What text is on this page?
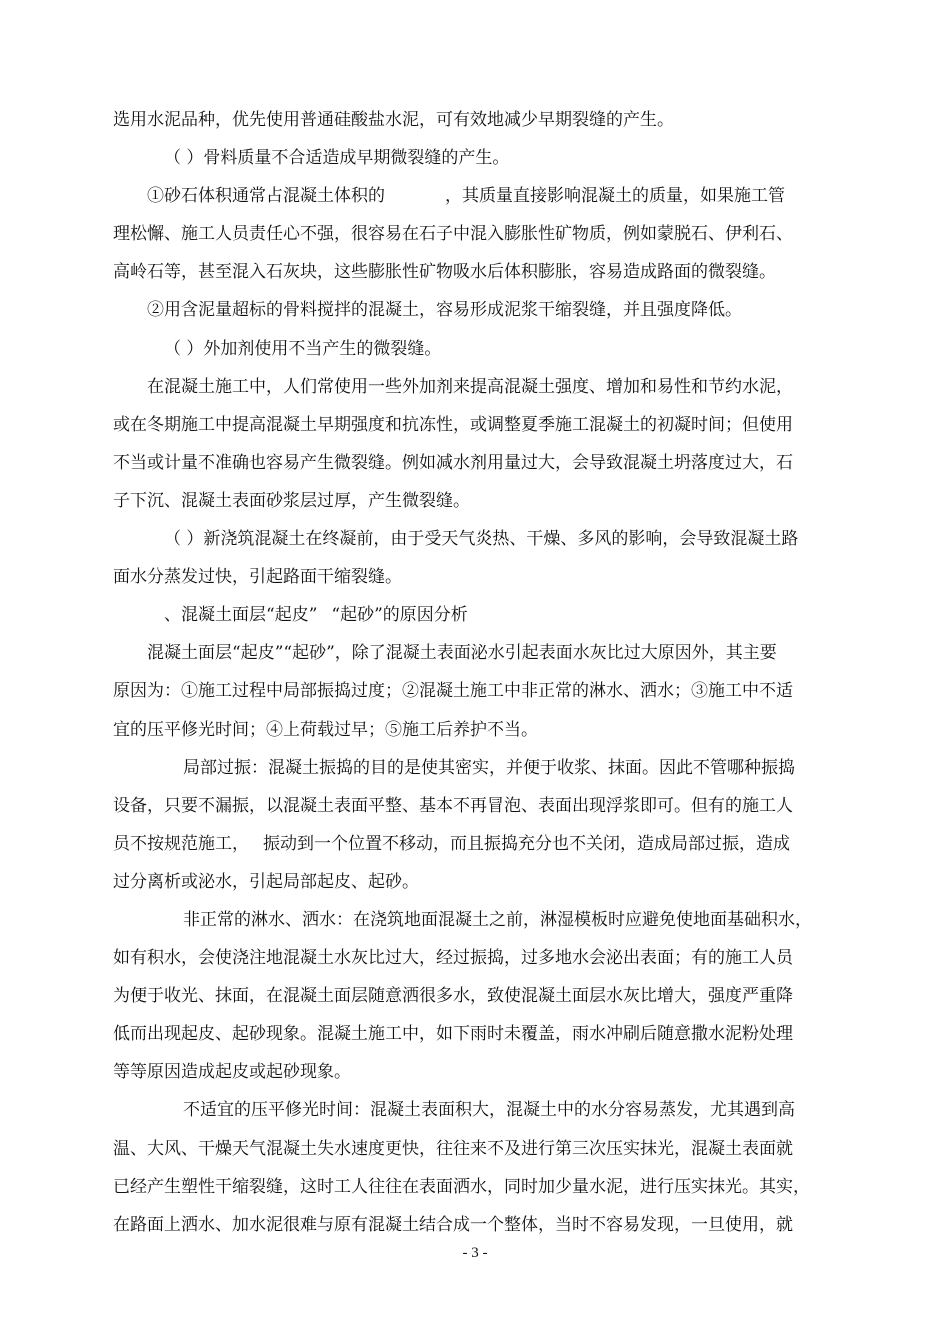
选用水泥品种，优先使用普通硅酸盐水泥，可有效地减少早期裂缝的产生。
（ ）骨料质量不合适造成早期微裂缝的产生。
①砂石体积通常占混凝土体积的	，其质量直接影响混凝土的质量，如果施工管
理松懈、施工人员责任心不强，很容易在石子中混入膨胀性矿物质，例如蒙脱石、伊利石、
高岭石等，甚至混入石灰块，这些膨胀性矿物吸水后体积膨胀，容易造成路面的微裂缝。
②用含泥量超标的骨料搅拌的混凝土，容易形成泥浆干缩裂缝，并且强度降低。
（ ）外加剂使用不当产生的微裂缝。
在混凝土施工中，人们常使用一些外加剂来提高混凝土强度、增加和易性和节约水泥，
或在冬期施工中提高混凝土早期强度和抗冻性，或调整夏季施工混凝土的初凝时间；但使用
不当或计量不准确也容易产生微裂缝。例如减水剂用量过大，会导致混凝土坍落度过大，石
子下沉、混凝土表面砂浆层过厚，产生微裂缝。
（ ）新浇筑混凝土在终凝前，由于受天气炎热、干燥、多风的影响，会导致混凝土路
面水分蒸发过快，引起路面干缩裂缝。
、混凝土面层“起皮” “起砂”的原因分析
混凝土面层“起皮”“起砂”，除了混凝土表面泌水引起表面水灰比过大原因外，其主要
原因为：①施工过程中局部振捣过度；②混凝土施工中非正常的淋水、洒水；③施工中不适
宜的压平修光时间；④上荷载过早；⑤施工后养护不当。
局部过振：混凝土振捣的目的是使其密实，并便于收浆、抹面。因此不管哪种振捣
设备，只要不漏振，以混凝土表面平整、基本不再冒泡、表面出现浮浆即可。但有的施工人
员不按规范施工， 振动到一个位置不移动，而且振捣充分也不关闭，造成局部过振，造成
过分离析或泌水，引起局部起皮、起砂。
非正常的淋水、洒水：在浇筑地面混凝土之前，淋湿模板时应避免使地面基础积水，
如有积水，会使浇注地混凝土水灰比过大，经过振捣，过多地水会泌出表面；有的施工人员
为便于收光、抹面，在混凝土面层随意洒很多水，致使混凝土面层水灰比增大，强度严重降
低而出现起皮、起砂现象。混凝土施工中，如下雨时未覆盖，雨水冲刷后随意撒水泥粉处理
等等原因造成起皮或起砂现象。
不适宜的压平修光时间：混凝土表面积大，混凝土中的水分容易蒸发，尤其遇到高
温、大风、干燥天气混凝土失水速度更快，往往来不及进行第三次压实抹光，混凝土表面就
已经产生塑性干缩裂缝，这时工人往往在表面洒水，同时加少量水泥，进行压实抹光。其实，
在路面上洒水、加水泥很难与原有混凝土结合成一个整体，当时不容易发现，一旦使用，就
- 3 -
